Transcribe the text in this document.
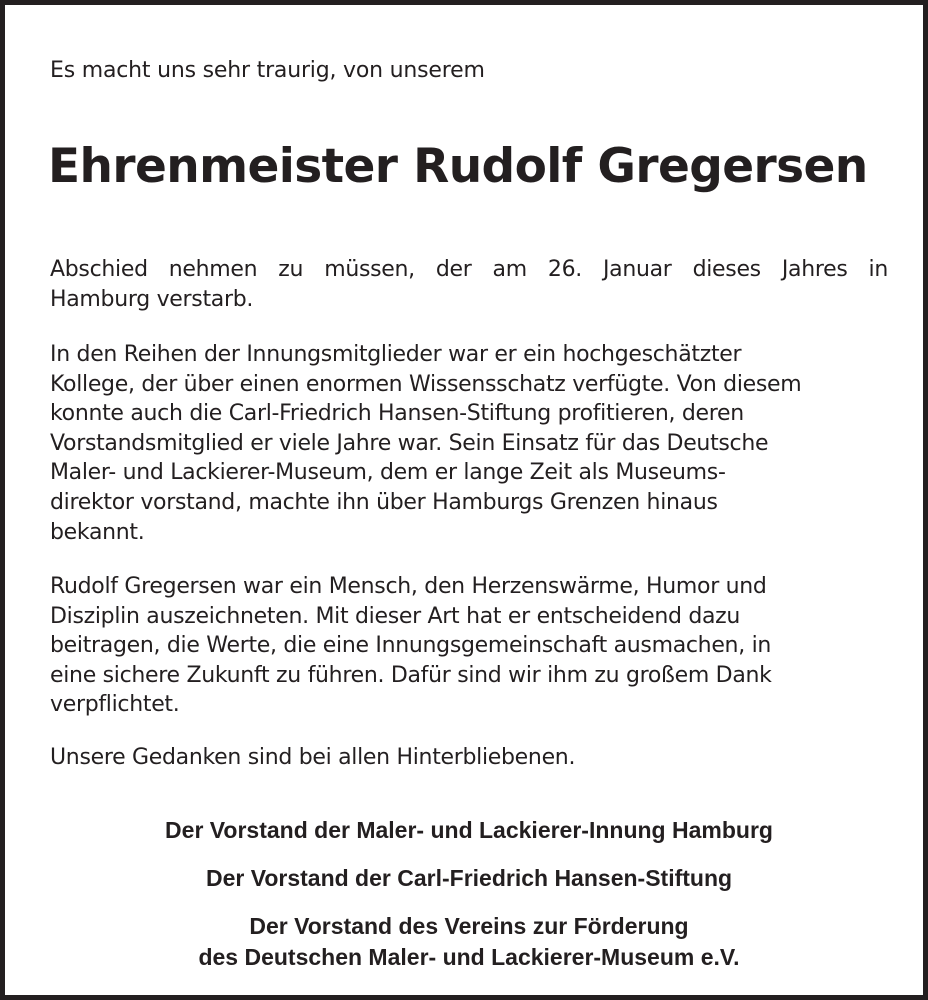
Es macht uns sehr traurig, von unserem
Ehrenmeister Rudolf Gregersen
Abschied nehmen zu müssen, der am 26. Januar dieses Jahres in
Hamburg verstarb.
In den Reihen der Innungsmitglieder war er ein hochgeschätzter
Kollege, der über einen enormen Wissensschatz verfügte. Von diesem
konnte auch die Carl-Friedrich Hansen-Stiftung profitieren, deren
Vorstandsmitglied er viele Jahre war. Sein Einsatz für das Deutsche
Maler- und Lackierer-Museum, dem er lange Zeit als Museums-
direktor vorstand, machte ihn über Hamburgs Grenzen hinaus
bekannt.
Rudolf Gregersen war ein Mensch, den Herzenswärme, Humor und
Disziplin auszeichneten. Mit dieser Art hat er entscheidend dazu
beitragen, die Werte, die eine Innungsgemeinschaft ausmachen, in
eine sichere Zukunft zu führen. Dafür sind wir ihm zu großem Dank
verpflichtet.
Unsere Gedanken sind bei allen Hinterbliebenen.
Der Vorstand der Maler- und Lackierer-Innung Hamburg
Der Vorstand der Carl-Friedrich Hansen-Stiftung
Der Vorstand des Vereins zur Förderung
des Deutschen Maler- und Lackierer-Museum e.V.
